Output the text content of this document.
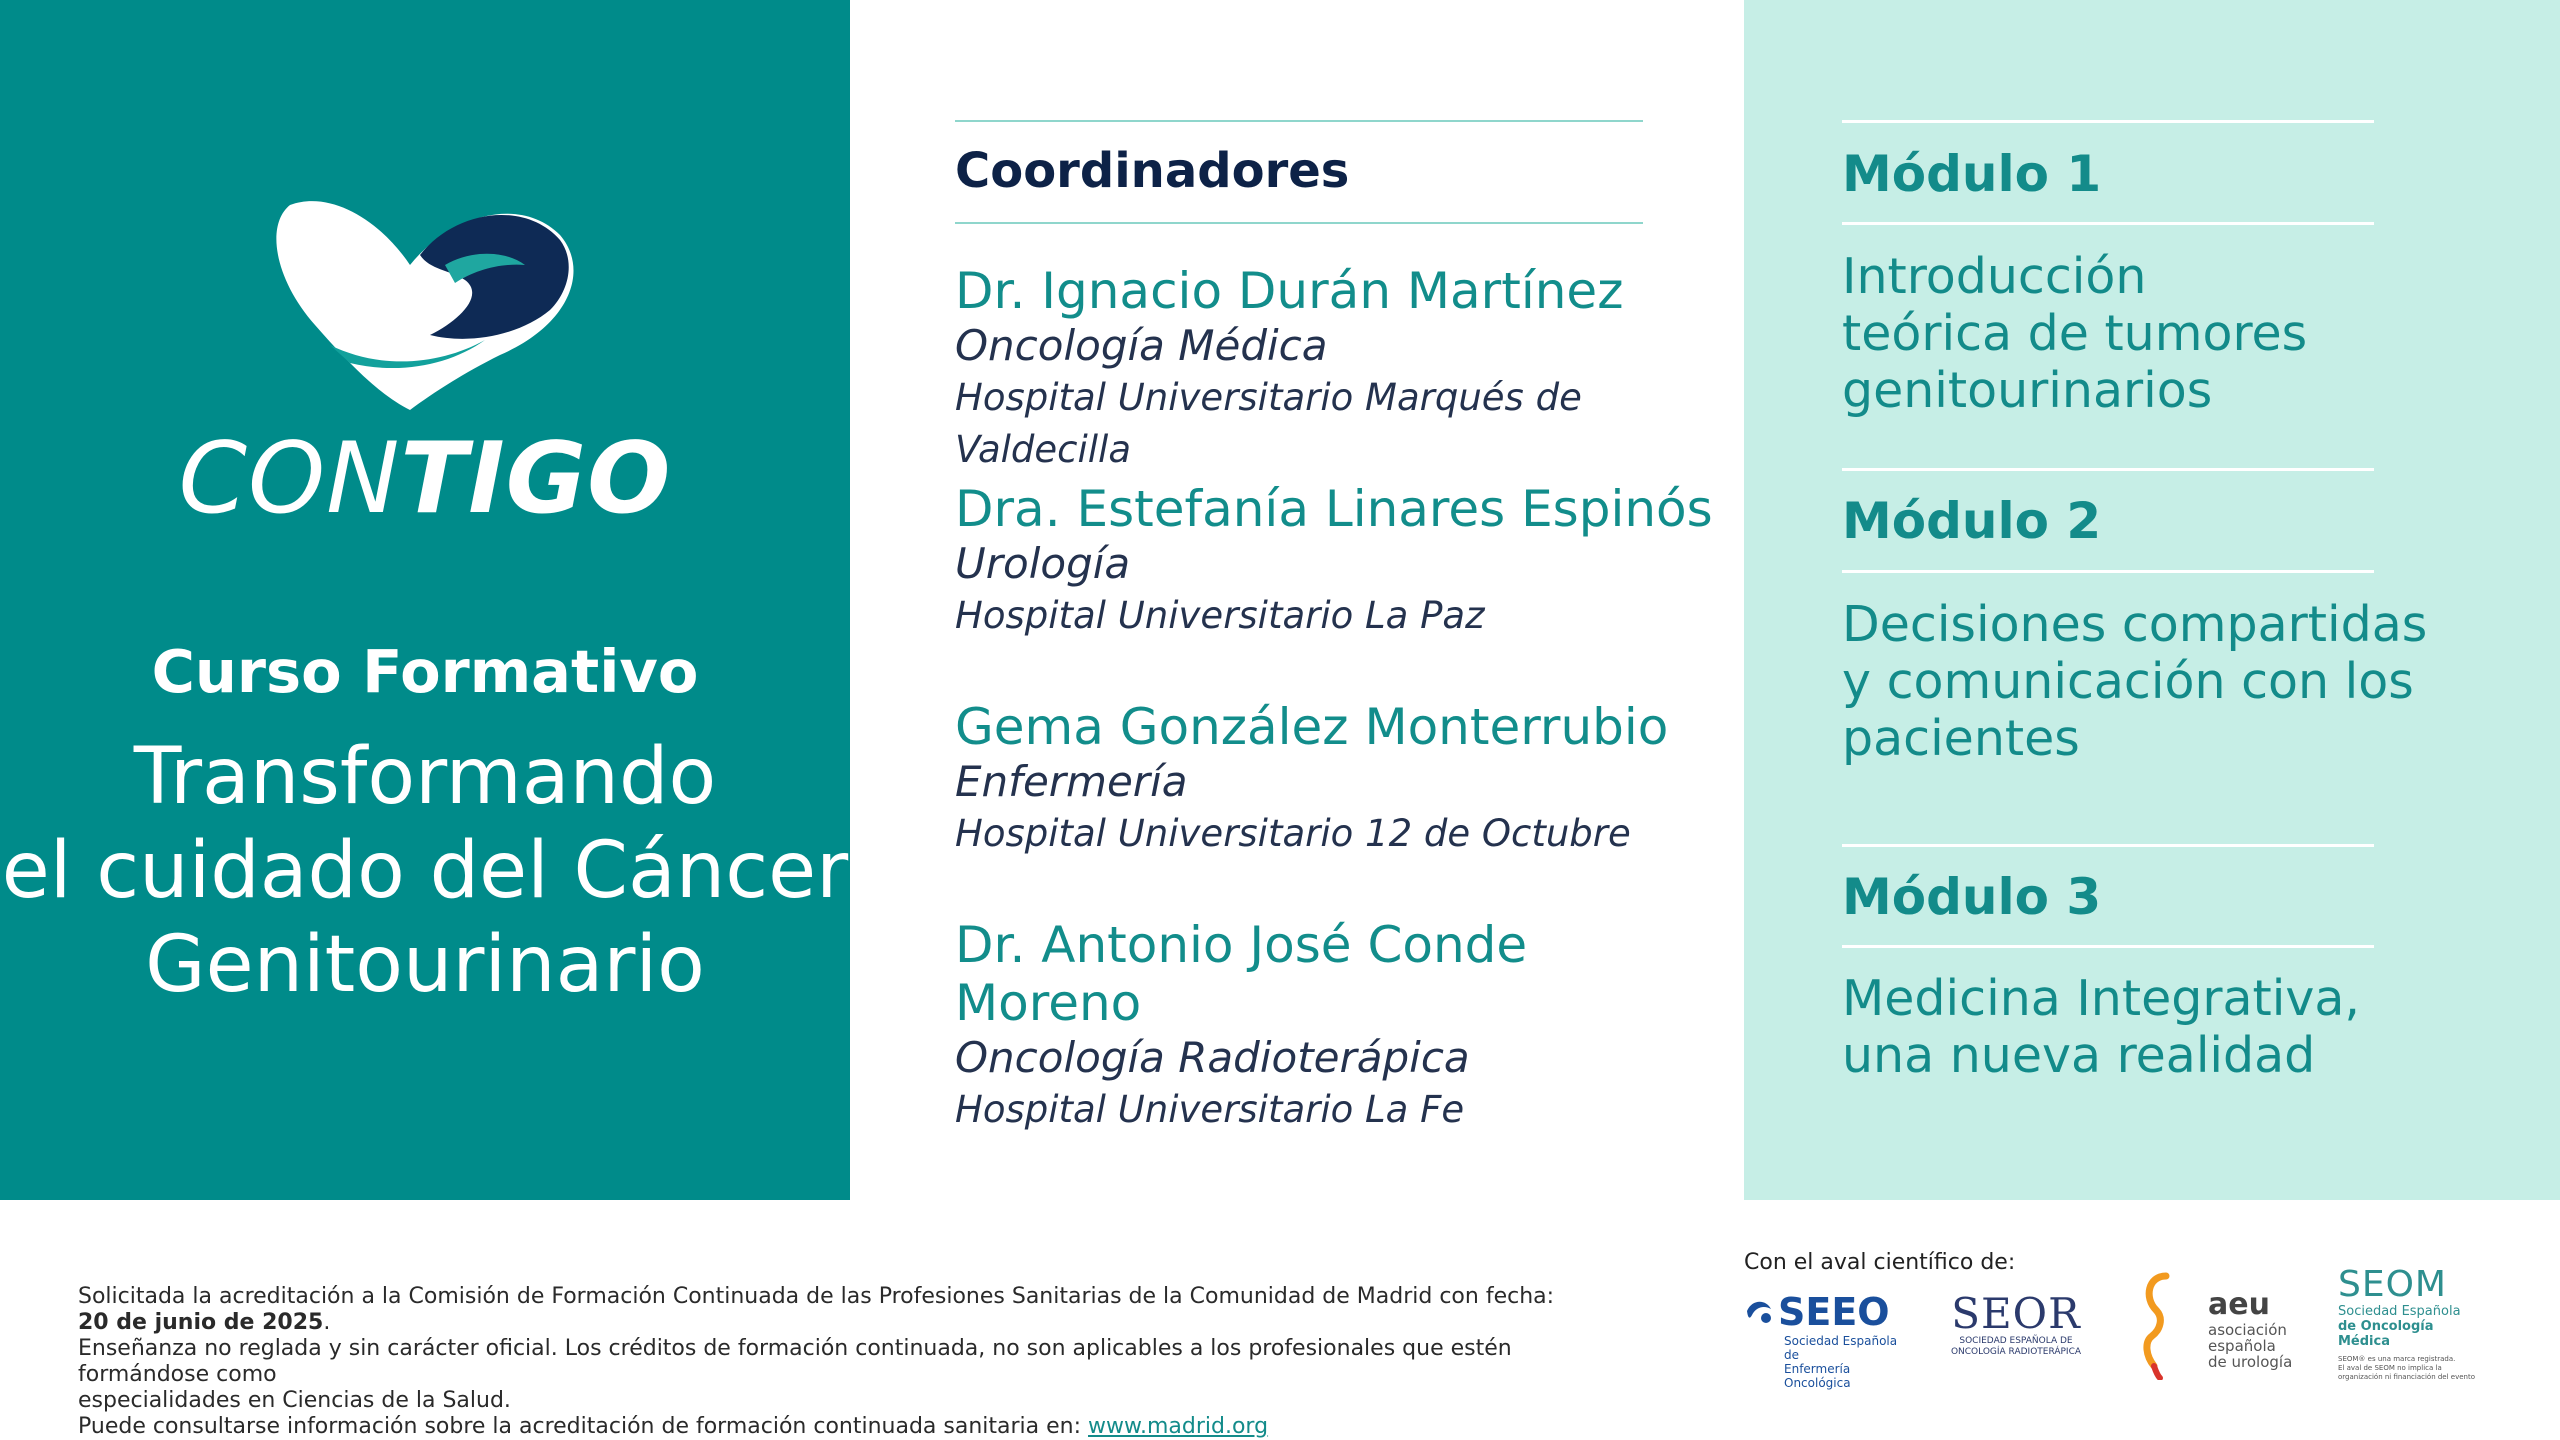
CONTIGO
Curso Formativo
Transformando
el cuidado del Cáncer
Genitourinario
Coordinadores
Dr. Ignacio Durán Martínez
Oncología Médica
Hospital Universitario Marqués de Valdecilla
Dra. Estefanía Linares Espinós
Urología
Hospital Universitario La Paz
Gema González Monterrubio
Enfermería
Hospital Universitario 12 de Octubre
Dr. Antonio José Conde Moreno
Oncología Radioterápica
Hospital Universitario La Fe
Módulo 1
Introducción
teórica de tumores
genitourinarios
Módulo 2
Decisiones compartidas
y comunicación con los
pacientes
Módulo 3
Medicina Integrativa,
una nueva realidad
Solicitada la acreditación a la Comisión de Formación Continuada de las Profesiones Sanitarias de la Comunidad de Madrid con fecha: 20 de junio de 2025.
Enseñanza no reglada y sin carácter oficial. Los créditos de formación continuada, no son aplicables a los profesionales que estén formándose como
especialidades en Ciencias de la Salud.
Puede consultarse información sobre la acreditación de formación continuada sanitaria en: www.madrid.org
Con el aval científico de:
SEEO
Sociedad Española de
Enfermería Oncológica
SEOR
SOCIEDAD ESPAÑOLA DE
ONCOLOGÍA RADIOTERÁPICA
aeu
asociación
española
de urología
SEOM
Sociedad Española
de Oncología Médica
SEOM® es una marca registrada.
El aval de SEOM no implica la
organización ni financiación del evento
